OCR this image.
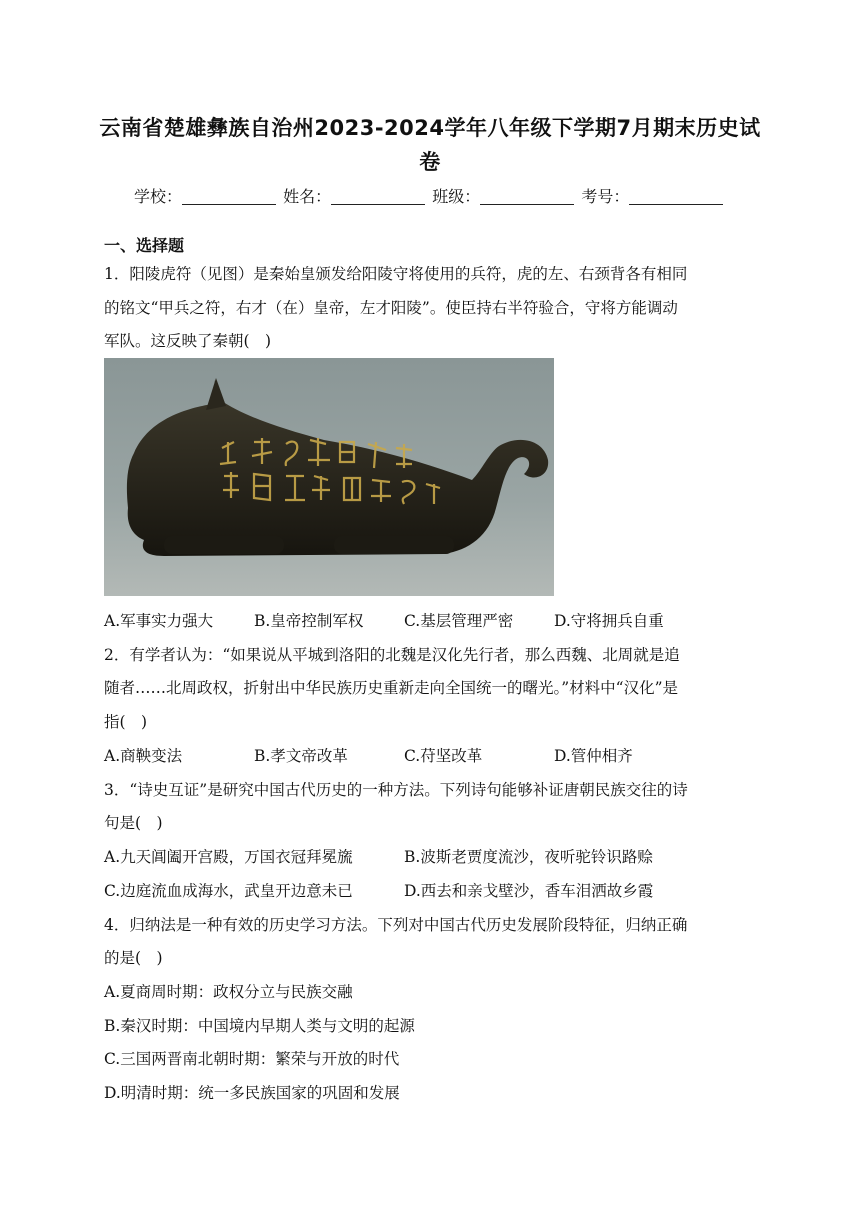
云南省楚雄彝族自治州2023-2024学年八年级下学期7月期末历史试
卷
学校：	姓名：	班级：	考号：
一、选择题
1．阳陵虎符（见图）是秦始皇颁发给阳陵守将使用的兵符，虎的左、右颈背各有相同
的铭文“甲兵之符，右才（在）皇帝，左才阳陵”。使臣持右半符验合，守将方能调动
军队。这反映了秦朝(　)
A.军事实力强大	B.皇帝控制军权	C.基层管理严密	D.守将拥兵自重
2．有学者认为：“如果说从平城到洛阳的北魏是汉化先行者，那么西魏、北周就是追
随者……北周政权，折射出中华民族历史重新走向全国统一的曙光。”材料中“汉化”是
指(　)
A.商鞅变法	B.孝文帝改革	C.苻坚改革	D.管仲相齐
3．“诗史互证”是研究中国古代历史的一种方法。下列诗句能够补证唐朝民族交往的诗
句是(　)
A.九天阊阖开宫殿，万国衣冠拜冕旒	B.波斯老贾度流沙，夜听驼铃识路赊
C.边庭流血成海水，武皇开边意未已	D.西去和亲戈壁沙，香车泪洒故乡霞
4．归纳法是一种有效的历史学习方法。下列对中国古代历史发展阶段特征，归纳正确
的是(　)
A.夏商周时期：政权分立与民族交融
B.秦汉时期：中国境内早期人类与文明的起源
C.三国两晋南北朝时期：繁荣与开放的时代
D.明清时期：统一多民族国家的巩固和发展
